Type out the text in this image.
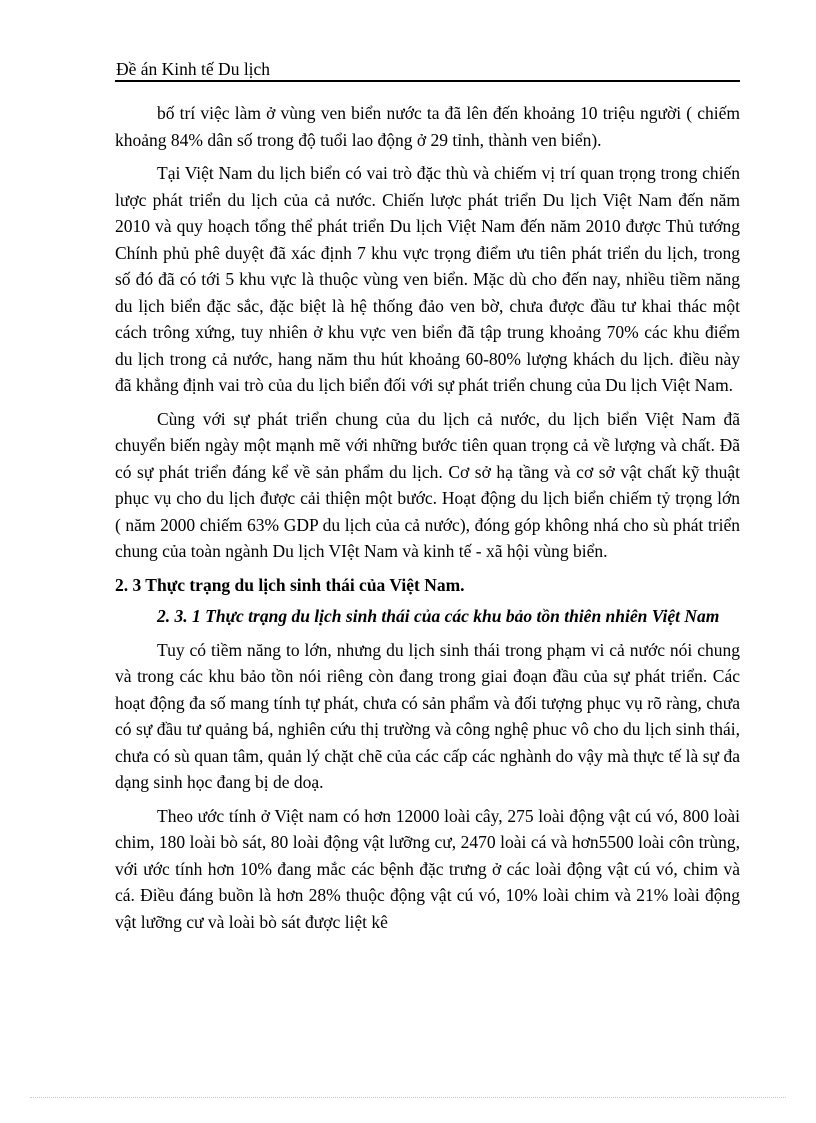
Đề án Kinh tế Du lịch

bố trí việc làm ở vùng ven biển nước ta đã lên đến khoảng 10 triệu người ( chiếm khoảng 84% dân số trong độ tuổi lao động ở 29 tỉnh, thành ven biển).

Tại Việt Nam du lịch biển có vai trò đặc thù và chiếm vị trí quan trọng trong chiến lược phát triển du lịch của cả nước. Chiến lược phát triển Du lịch Việt Nam đến năm 2010 và quy hoạch tổng thể phát triển Du lịch Việt Nam đến năm 2010 được Thủ tướng Chính phủ phê duyệt đã xác định 7 khu vực trọng điểm ưu tiên phát triển du lịch, trong số đó đã có tới 5 khu vực là thuộc vùng ven biển. Mặc dù cho đến nay, nhiều tiềm năng du lịch biển đặc sắc, đặc biệt là hệ thống đảo ven bờ, chưa được đầu tư khai thác một cách trông xứng, tuy nhiên ở khu vực ven biển đã tập trung khoảng 70% các khu điểm du lịch trong cả nước, hang năm thu hút khoảng 60-80% lượng khách du lịch. điều này đã khẳng định vai trò của du lịch biển đối với sự phát triển chung của Du lịch Việt Nam.

Cùng với sự phát triển chung của du lịch cả nước, du lịch biển Việt Nam đã chuyển biến ngày một mạnh mẽ với những bước tiên quan trọng cả về lượng và chất. Đã có sự phát triển đáng kể về sản phẩm du lịch. Cơ sở hạ tầng và cơ sở vật chất kỹ thuật phục vụ cho du lịch được cải thiện một bước. Hoạt động du lịch biển chiếm tỷ trọng lớn ( năm 2000 chiếm 63% GDP du lịch của cả nước), đóng góp không nhá cho sù phát triển chung của toàn ngành Du lịch VIệt Nam và kinh tế - xã hội vùng biển.

2. 3 Thực trạng du lịch sinh thái của Việt Nam.

2. 3. 1 Thực trạng du lịch sinh thái của các khu bảo tồn thiên nhiên Việt Nam

Tuy có tiềm năng to lớn, nhưng du lịch sinh thái trong phạm vi cả nước nói chung và trong các khu bảo tồn nói riêng còn đang trong giai đoạn đầu của sự phát triển. Các hoạt động đa số mang tính tự phát, chưa có sản phẩm và đối tượng phục vụ rõ ràng, chưa có sự đầu tư quảng bá, nghiên cứu thị trường và công nghệ phuc vô cho du lịch sinh thái, chưa có sù quan tâm, quản lý chặt chẽ của các cấp các nghành do vậy mà thực tế là sự đa dạng sinh học đang bị de doạ.

Theo ước tính ở Việt nam có hơn 12000 loài cây, 275 loài động vật cú vó, 800 loài chim, 180 loài bò sát, 80 loài động vật lưỡng cư, 2470 loài cá và hơn5500 loài côn trùng, với ước tính hơn 10% đang mắc các bệnh đặc trưng ở các loài động vật cú vó, chim và cá. Điều đáng buồn là hơn 28% thuộc động vật cú vó, 10% loài chim và 21% loài động vật lưỡng cư và loài bò sát được liệt kê
